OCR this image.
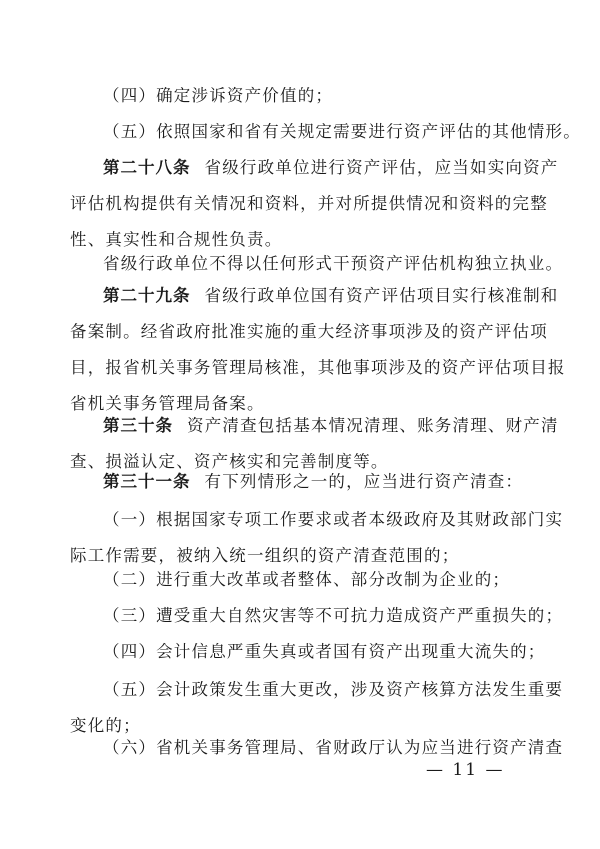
（四）确定涉诉资产价值的；

（五）依照国家和省有关规定需要进行资产评估的其他情形。

第二十八条 省级行政单位进行资产评估，应当如实向资产
评估机构提供有关情况和资料，并对所提供情况和资料的完整
性、真实性和合规性负责。

省级行政单位不得以任何形式干预资产评估机构独立执业。

第二十九条 省级行政单位国有资产评估项目实行核准制和
备案制。经省政府批准实施的重大经济事项涉及的资产评估项
目，报省机关事务管理局核准，其他事项涉及的资产评估项目报
省机关事务管理局备案。

第三十条 资产清查包括基本情况清理、账务清理、财产清
查、损溢认定、资产核实和完善制度等。

第三十一条 有下列情形之一的，应当进行资产清查：

（一）根据国家专项工作要求或者本级政府及其财政部门实
际工作需要，被纳入统一组织的资产清查范围的；

（二）进行重大改革或者整体、部分改制为企业的；

（三）遭受重大自然灾害等不可抗力造成资产严重损失的；

（四）会计信息严重失真或者国有资产出现重大流失的；

（五）会计政策发生重大更改，涉及资产核算方法发生重要
变化的；

（六）省机关事务管理局、省财政厅认为应当进行资产清查

— 11 —
